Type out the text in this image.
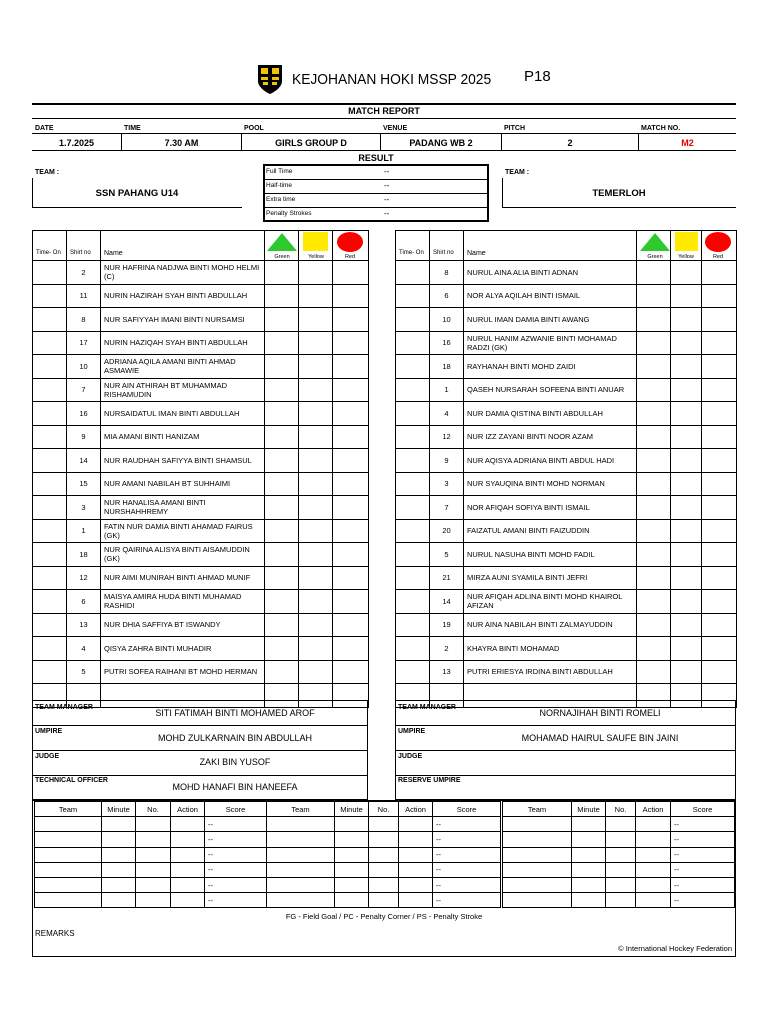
KEJOHANAN HOKI MSSP 2025 P18
MATCH REPORT
DATE	TIME	POOL	VENUE	PITCH	MATCH NO.
1.7.2025	7.30 AM	GIRLS GROUP D	PADANG WB 2	2	M2
RESULT
Full Time	--
Half-time	--
Extra time	--
Penalty Strokes	--
TEAM :
SSN PAHANG U14
TEAM :
TEMERLOH
Time- On	Shirt no	Name			
	2	NUR HAFRINA NADJWA BINTI MOHD HELMI (C)			
	11	NURIN HAZIRAH SYAH BINTI ABDULLAH			
	8	NUR SAFIYYAH IMANI BINTI NURSAMSI			
	17	NURIN HAZIQAH SYAH BINTI ABDULLAH			
	10	ADRIANA AQILA AMANI BINTI AHMAD ASMAWIE			
	7	NUR AIN ATHIRAH BT MUHAMMAD RISHAMUDIN			
	16	NURSAIDATUL IMAN BINTI ABDULLAH			
	9	MIA AMANI BINTI HANIZAM			
	14	NUR RAUDHAH SAFIYYA BINTI SHAMSUL			
	15	NUR AMANI NABILAH BT SUHHAIMI			
	3	NUR HANALISA AMANI BINTI NURSHAHHREMY			
	1	FATIN NUR DAMIA BINTI AHAMAD FAIRUS (GK)			
	18	NUR QAIRINA ALISYA BINTI AISAMUDDIN (GK)			
	12	NUR AIMI MUNIRAH BINTI AHMAD MUNIF			
	6	MAISYA AMIRA HUDA BINTI MUHAMAD RASHIDI			
	13	NUR DHIA SAFFIYA BT ISWANDY			
	4	QISYA ZAHRA BINTI MUHADIR			
	5	PUTRI SOFEA RAIHANI BT MOHD HERMAN			

Time- On	Shirt no	Name			
	8	NURUL AINA ALIA BINTI ADNAN			
	6	NOR ALYA AQILAH BINTI ISMAIL			
	10	NURUL IMAN DAMIA BINTI AWANG			
	16	NURUL HANIM AZWANIE BINTI MOHAMAD RADZI (GK)			
	18	RAYHANAH BINTI MOHD ZAIDI			
	1	QASEH NURSARAH SOFEENA BINTI ANUAR			
	4	NUR DAMIA QISTINA BINTI ABDULLAH			
	12	NUR IZZ ZAYANI BINTI NOOR AZAM			
	9	NUR AQISYA ADRIANA BINTI ABDUL HADI			
	3	NUR SYAUQINA BINTI MOHD NORMAN			
	7	NOR AFIQAH SOFIYA BINTI ISMAIL			
	20	FAIZATUL AMANI BINTI FAIZUDDIN			
	5	NURUL NASUHA BINTI MOHD FADIL			
	21	MIRZA AUNI SYAMILA BINTI JEFRI			
	14	NUR AFIQAH ADLINA BINTI MOHD KHAIROL AFIZAN			
	19	NUR AINA NABILAH BINTI ZALMAYUDDIN			
	2	KHAYRA BINTI MOHAMAD			
	13	PUTRI ERIESYA IRDINA BINTI ABDULLAH			

Green	Yellow	Red	Green	Yellow	Red
TEAM MANAGER
SITI FATIMAH BINTI MOHAMED AROF
UMPIRE
MOHD ZULKARNAIN BIN ABDULLAH
JUDGE
ZAKI BIN YUSOF
TECHNICAL OFFICER
MOHD HANAFI BIN HANEEFA
TEAM MANAGER
NORNAJIHAH BINTI ROMELI
UMPIRE
MOHAMAD HAIRUL SAUFE BIN JAINI
JUDGE
RESERVE UMPIRE
Team	Minute	No.	Action	Score
				--
				--
				--
				--
				--
				--
Team	Minute	No.	Action	Score
				--
				--
				--
				--
				--
				--
Team	Minute	No.	Action	Score
				--
				--
				--
				--
				--
				--
FG - Field Goal / PC - Penalty Corner / PS - Penalty Stroke
REMARKS
© International Hockey Federation
